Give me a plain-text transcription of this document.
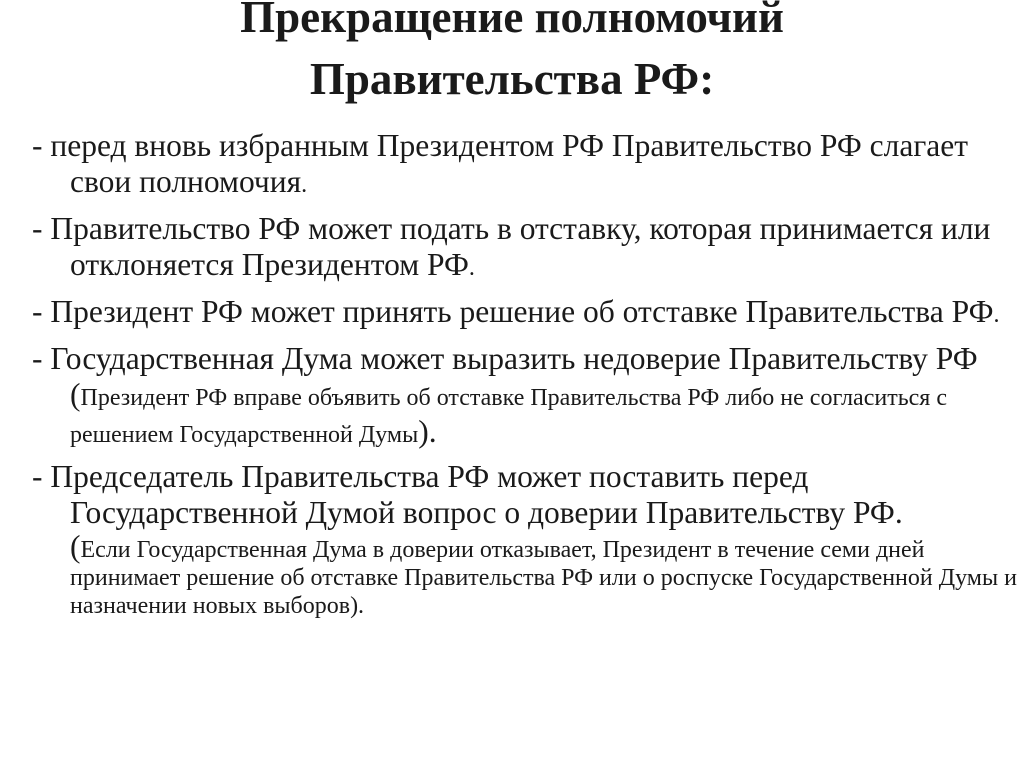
Прекращение полномочий
Правительства РФ:
- перед вновь избранным Президентом РФ Правительство РФ слагает свои полномочия.
- Правительство РФ может подать в отставку, которая принимается или отклоняется Президентом РФ.
- Президент РФ может принять решение об отставке Правительства РФ.
- Государственная Дума может выразить недоверие Правительству РФ (Президент РФ вправе объявить об отставке Правительства РФ либо не согласиться с решением Государственной Думы).
- Председатель Правительства РФ может поставить перед Государственной Думой вопрос о доверии Правительству РФ.
(Если Государственная Дума в доверии отказывает, Президент в течение семи дней принимает решение об отставке Правительства РФ или о роспуске Государственной Думы и назначении новых выборов).
